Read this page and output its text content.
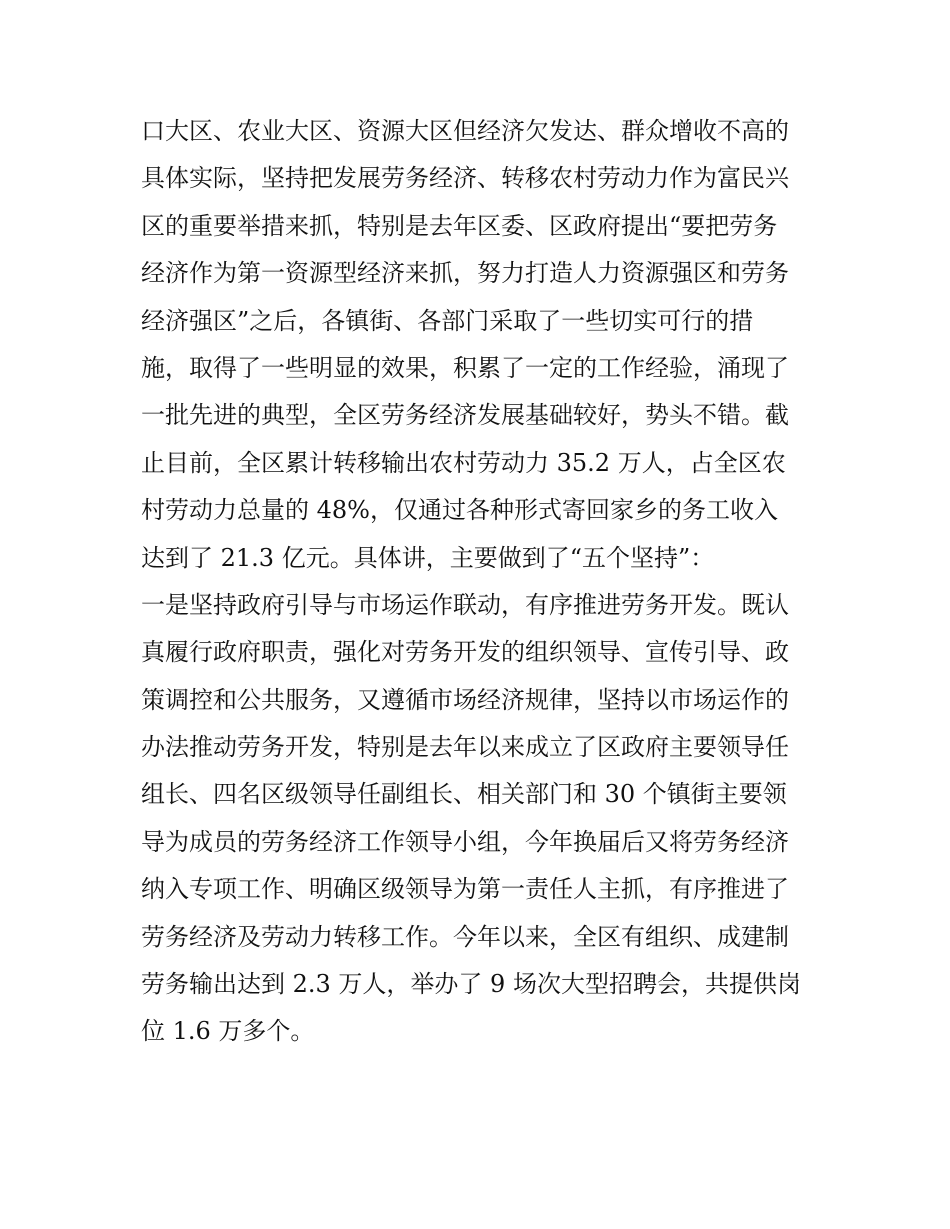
口大区、农业大区、资源大区但经济欠发达、群众增收不高的
具体实际，坚持把发展劳务经济、转移农村劳动力作为富民兴
区的重要举措来抓，特别是去年区委、区政府提出“要把劳务
经济作为第一资源型经济来抓，努力打造人力资源强区和劳务
经济强区”之后，各镇街、各部门采取了一些切实可行的措
施，取得了一些明显的效果，积累了一定的工作经验，涌现了
一批先进的典型，全区劳务经济发展基础较好，势头不错。截
止目前，全区累计转移输出农村劳动力 35.2 万人，占全区农
村劳动力总量的 48%，仅通过各种形式寄回家乡的务工收入
达到了 21.3 亿元。具体讲，主要做到了“五个坚持”：
一是坚持政府引导与市场运作联动，有序推进劳务开发。既认
真履行政府职责，强化对劳务开发的组织领导、宣传引导、政
策调控和公共服务，又遵循市场经济规律，坚持以市场运作的
办法推动劳务开发，特别是去年以来成立了区政府主要领导任
组长、四名区级领导任副组长、相关部门和 30 个镇街主要领
导为成员的劳务经济工作领导小组，今年换届后又将劳务经济
纳入专项工作、明确区级领导为第一责任人主抓，有序推进了
劳务经济及劳动力转移工作。今年以来，全区有组织、成建制
劳务输出达到 2.3 万人，举办了 9 场次大型招聘会，共提供岗
位 1.6 万多个。
